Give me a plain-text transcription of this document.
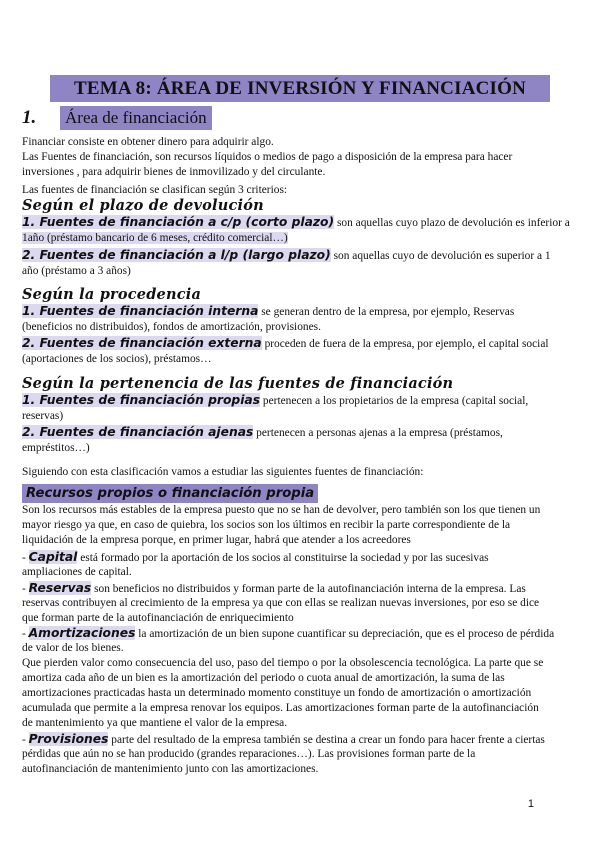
TEMA 8: ÁREA DE INVERSIÓN Y FINANCIACIÓN
1. Área de financiación
Financiar consiste en obtener dinero para adquirir algo.
Las Fuentes de financiación, son recursos líquidos o medios de pago a disposición de la empresa para hacer
inversiones , para adquirir bienes de inmovilizado y del circulante.
Las fuentes de financiación se clasifican según 3 criterios:
Según el plazo de devolución
1. Fuentes de financiación a c/p (corto plazo) son aquellas cuyo plazo de devolución es inferior a
1año (préstamo bancario de 6 meses, crédito comercial…)
2. Fuentes de financiación a l/p (largo plazo) son aquellas cuyo de devolución es superior a 1
año (préstamo a 3 años)
Según la procedencia
1. Fuentes de financiación interna se generan dentro de la empresa, por ejemplo, Reservas
(beneficios no distribuidos), fondos de amortización, provisiones.
2. Fuentes de financiación externa proceden de fuera de la empresa, por ejemplo, el capital social
(aportaciones de los socios), préstamos…
Según la pertenencia de las fuentes de financiación
1. Fuentes de financiación propias pertenecen a los propietarios de la empresa (capital social,
reservas)
2. Fuentes de financiación ajenas pertenecen a personas ajenas a la empresa (préstamos,
empréstitos…)
Siguiendo con esta clasificación vamos a estudiar las siguientes fuentes de financiación:
Recursos propios o financiación propia
Son los recursos más estables de la empresa puesto que no se han de devolver, pero también son los que tienen un
mayor riesgo ya que, en caso de quiebra, los socios son los últimos en recibir la parte correspondiente de la
liquidación de la empresa porque, en primer lugar, habrá que atender a los acreedores
- Capital está formado por la aportación de los socios al constituirse la sociedad y por las sucesivas
ampliaciones de capital.
- Reservas son beneficios no distribuidos y forman parte de la autofinanciación interna de la empresa. Las
reservas contribuyen al crecimiento de la empresa ya que con ellas se realizan nuevas inversiones, por eso se dice
que forman parte de la autofinanciación de enriquecimiento
- Amortizaciones la amortización de un bien supone cuantificar su depreciación, que es el proceso de pérdida
de valor de los bienes.
Que pierden valor como consecuencia del uso, paso del tiempo o por la obsolescencia tecnológica. La parte que se
amortiza cada año de un bien es la amortización del periodo o cuota anual de amortización, la suma de las
amortizaciones practicadas hasta un determinado momento constituye un fondo de amortización o amortización
acumulada que permite a la empresa renovar los equipos. Las amortizaciones forman parte de la autofinanciación
de mantenimiento ya que mantiene el valor de la empresa.
- Provisiones parte del resultado de la empresa también se destina a crear un fondo para hacer frente a ciertas
pérdidas que aún no se han producido (grandes reparaciones…). Las provisiones forman parte de la
autofinanciación de mantenimiento junto con las amortizaciones.
1
